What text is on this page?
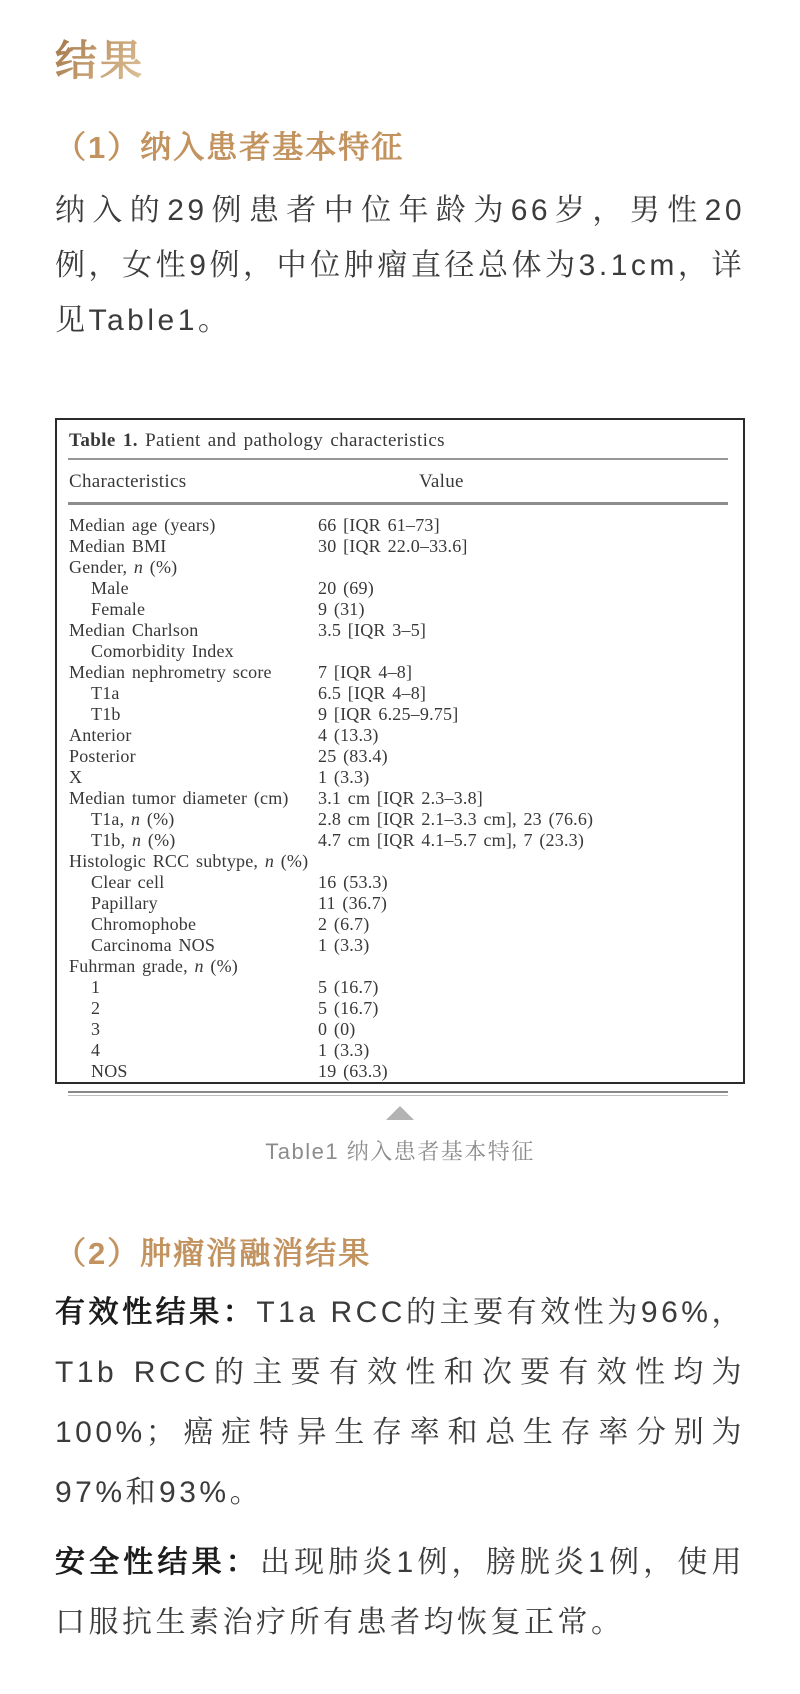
结果
（1）纳入患者基本特征

纳入的29例患者中位年龄为66岁，男性20例，女性9例，中位肿瘤直径总体为3.1cm，详见Table1。

Table 1. Patient and pathology characteristics
Characteristics	Value
Median age (years)	66 [IQR 61–73]
Median BMI	30 [IQR 22.0–33.6]
Gender, n (%)
Male	20 (69)
Female	9 (31)
Median Charlson	3.5 [IQR 3–5]
Comorbidity Index
Median nephrometry score	7 [IQR 4–8]
T1a	6.5 [IQR 4–8]
T1b	9 [IQR 6.25–9.75]
Anterior	4 (13.3)
Posterior	25 (83.4)
X	1 (3.3)
Median tumor diameter (cm)	3.1 cm [IQR 2.3–3.8]
T1a, n (%)	2.8 cm [IQR 2.1–3.3 cm], 23 (76.6)
T1b, n (%)	4.7 cm [IQR 4.1–5.7 cm], 7 (23.3)
Histologic RCC subtype, n (%)
Clear cell	16 (53.3)
Papillary	11 (36.7)
Chromophobe	2 (6.7)
Carcinoma NOS	1 (3.3)
Fuhrman grade, n (%)
1	5 (16.7)
2	5 (16.7)
3	0 (0)
4	1 (3.3)
NOS	19 (63.3)

Table1 纳入患者基本特征

（2）肿瘤消融消结果

有效性结果：T1a RCC的主要有效性为96%，T1b RCC的主要有效性和次要有效性均为100%；癌症特异生存率和总生存率分别为97%和93%。

安全性结果：出现肺炎1例，膀胱炎1例，使用口服抗生素治疗所有患者均恢复正常。
